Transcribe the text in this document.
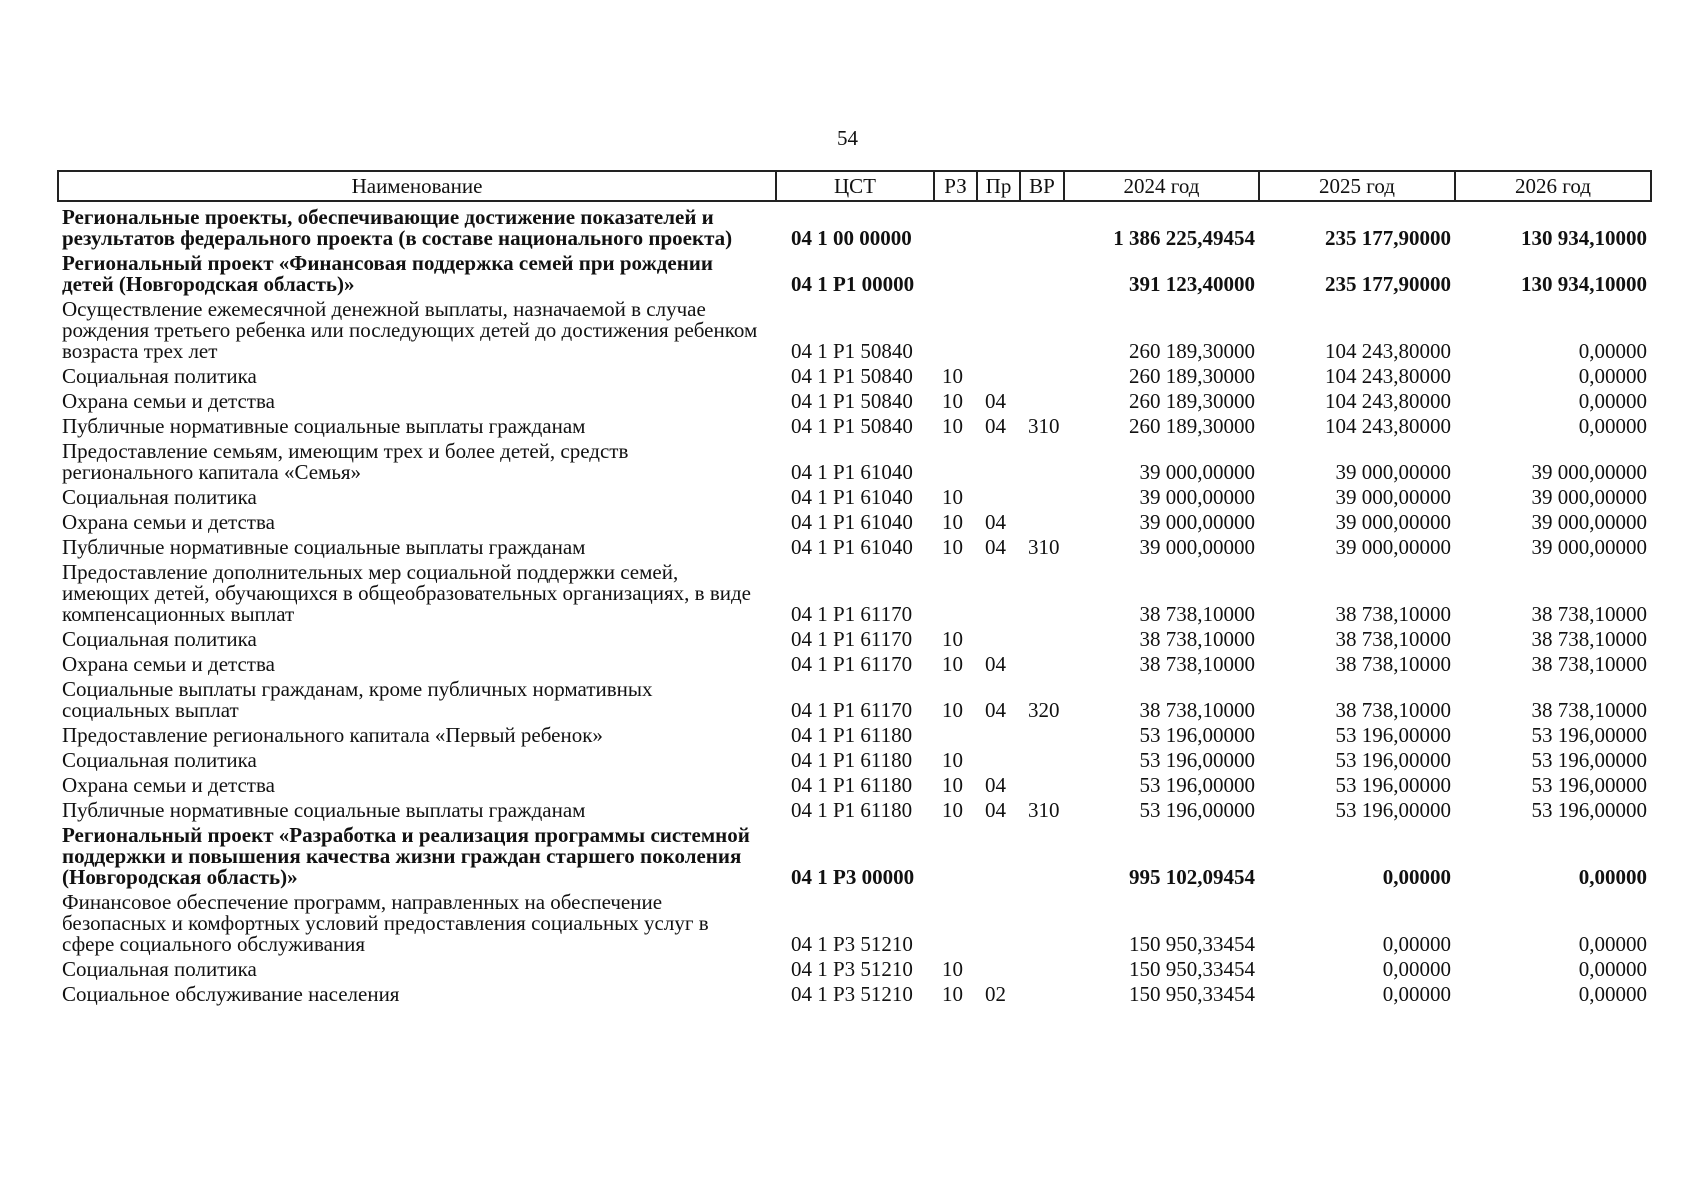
54
Наименование	ЦСТ	РЗ	Пр	ВР	2024 год	2025 год	2026 год
Региональные проекты, обеспечивающие достижение показателей и результатов федерального проекта (в составе национального проекта)	04 1 00 00000				1 386 225,49454	235 177,90000	130 934,10000
Региональный проект «Финансовая поддержка семей при рождении детей (Новгородская область)»	04 1 P1 00000				391 123,40000	235 177,90000	130 934,10000
Осуществление ежемесячной денежной выплаты, назначаемой в случае рождения третьего ребенка или последующих детей до достижения ребенком возраста трех лет	04 1 P1 50840				260 189,30000	104 243,80000	0,00000
Социальная политика	04 1 P1 50840	10			260 189,30000	104 243,80000	0,00000
Охрана семьи и детства	04 1 P1 50840	10	04		260 189,30000	104 243,80000	0,00000
Публичные нормативные социальные выплаты гражданам	04 1 P1 50840	10	04	310	260 189,30000	104 243,80000	0,00000
Предоставление семьям, имеющим трех и более детей, средств регионального капитала «Семья»	04 1 P1 61040				39 000,00000	39 000,00000	39 000,00000
Социальная политика	04 1 P1 61040	10			39 000,00000	39 000,00000	39 000,00000
Охрана семьи и детства	04 1 P1 61040	10	04		39 000,00000	39 000,00000	39 000,00000
Публичные нормативные социальные выплаты гражданам	04 1 P1 61040	10	04	310	39 000,00000	39 000,00000	39 000,00000
Предоставление дополнительных мер социальной поддержки семей, имеющих детей, обучающихся в общеобразовательных организациях, в виде компенсационных выплат	04 1 P1 61170				38 738,10000	38 738,10000	38 738,10000
Социальная политика	04 1 P1 61170	10			38 738,10000	38 738,10000	38 738,10000
Охрана семьи и детства	04 1 P1 61170	10	04		38 738,10000	38 738,10000	38 738,10000
Социальные выплаты гражданам, кроме публичных нормативных социальных выплат	04 1 P1 61170	10	04	320	38 738,10000	38 738,10000	38 738,10000
Предоставление регионального капитала «Первый ребенок»	04 1 P1 61180				53 196,00000	53 196,00000	53 196,00000
Социальная политика	04 1 P1 61180	10			53 196,00000	53 196,00000	53 196,00000
Охрана семьи и детства	04 1 P1 61180	10	04		53 196,00000	53 196,00000	53 196,00000
Публичные нормативные социальные выплаты гражданам	04 1 P1 61180	10	04	310	53 196,00000	53 196,00000	53 196,00000
Региональный проект «Разработка и реализация программы системной поддержки и повышения качества жизни граждан старшего поколения (Новгородская область)»	04 1 P3 00000				995 102,09454	0,00000	0,00000
Финансовое обеспечение программ, направленных на обеспечение безопасных и комфортных условий предоставления социальных услуг в сфере социального обслуживания	04 1 P3 51210				150 950,33454	0,00000	0,00000
Социальная политика	04 1 P3 51210	10			150 950,33454	0,00000	0,00000
Социальное обслуживание населения	04 1 P3 51210	10	02		150 950,33454	0,00000	0,00000
